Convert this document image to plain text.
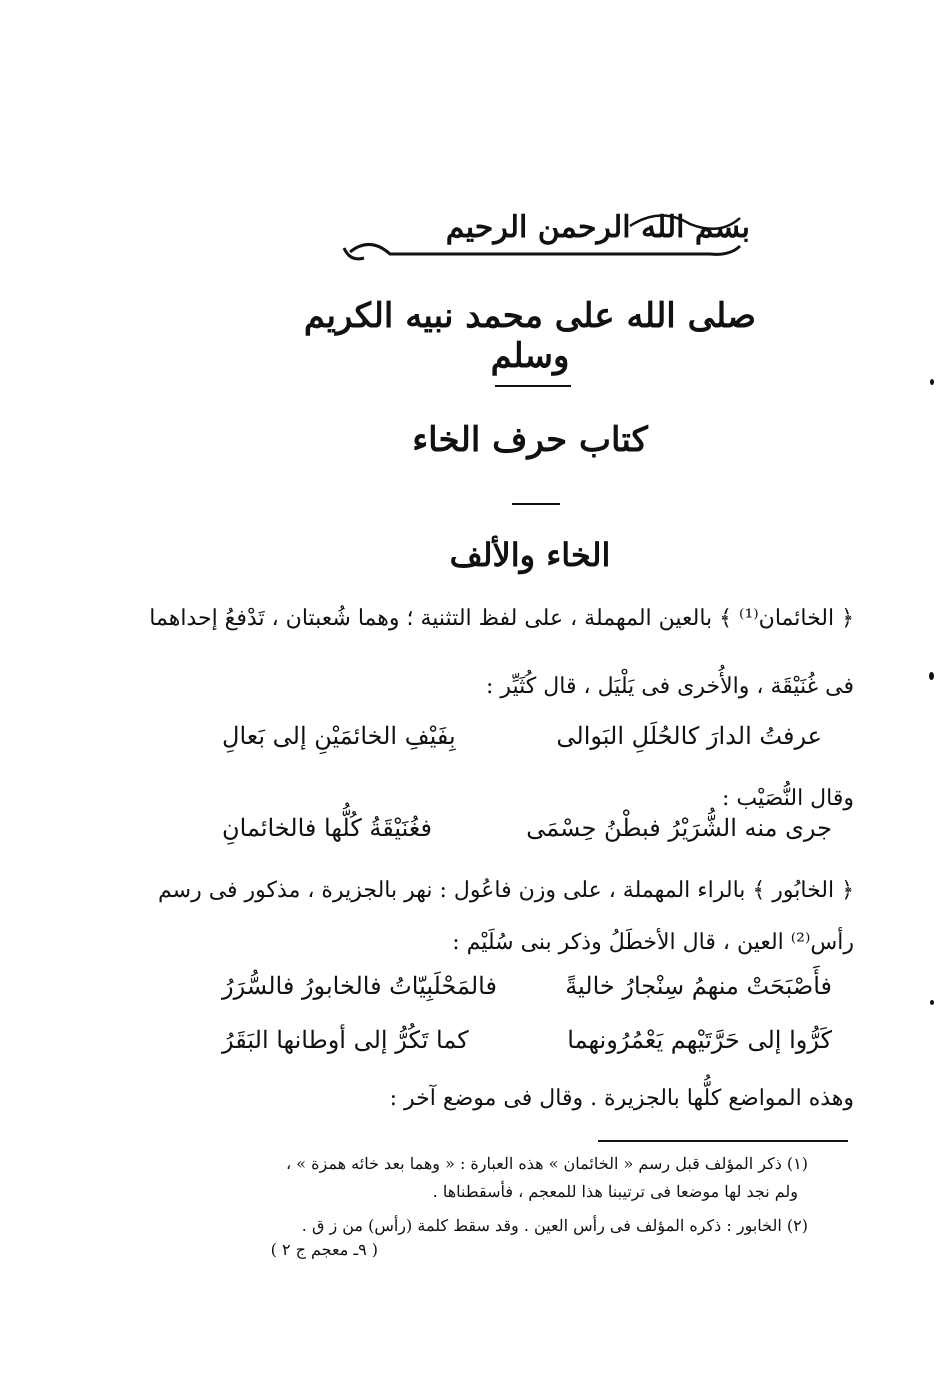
بسم الله الرحمن الرحيم
صلى الله على محمد نبيه الكريم وسلم
كتاب حرف الخاء
الخاء والألف
﴿ الخائمان⁽¹⁾ ﴾ بالعين المهملة ، على لفظ التثنية ؛ وهما شُعبتان ، تَدْفعُ إحداهما
فى غُنَيْقَة ، والأُخرى فى يَلْيَل ، قال كُثَيِّر :
عرفتُ الدارَ كالحُلَلِ البَوالى
بِفَيْفِ الخائمَيْنِ إلى بَعالِ
وقال النُّصَيْب :
جرى منه الشُّرَيْرُ فبطْنُ حِسْمَى
فغُنَيْقَةُ كُلُّها فالخائمانِ
﴿ الخابُور ﴾ بالراء المهملة ، على وزن فاعُول : نهر بالجزيرة ، مذكور فى رسم
رأس⁽²⁾ العين ، قال الأخطَلُ وذكر بنى سُلَيْم :
فأَصْبَحَتْ منهمُ سِنْجارُ خاليةً
فالمَحْلَبِيّاتُ فالخابورُ فالسُّرَرُ
كَرُّوا إلى حَرَّتَيْهم يَعْمُرُونهما
كما تَكُرُّ إلى أوطانها البَقَرُ
وهذه المواضع كلُّها بالجزيرة . وقال فى موضع آخر :
(١) ذكر المؤلف قبل رسم « الخائمان » هذه العبارة : « وهما بعد خائه همزة » ،
ولم نجد لها موضعا فى ترتيبنا هذا للمعجم ، فأسقطناها .
(٢) الخابور : ذكره المؤلف فى رأس العين . وقد سقط كلمة (رأس) من ز ق .
( ٩ـ معجم ج ٢ )
